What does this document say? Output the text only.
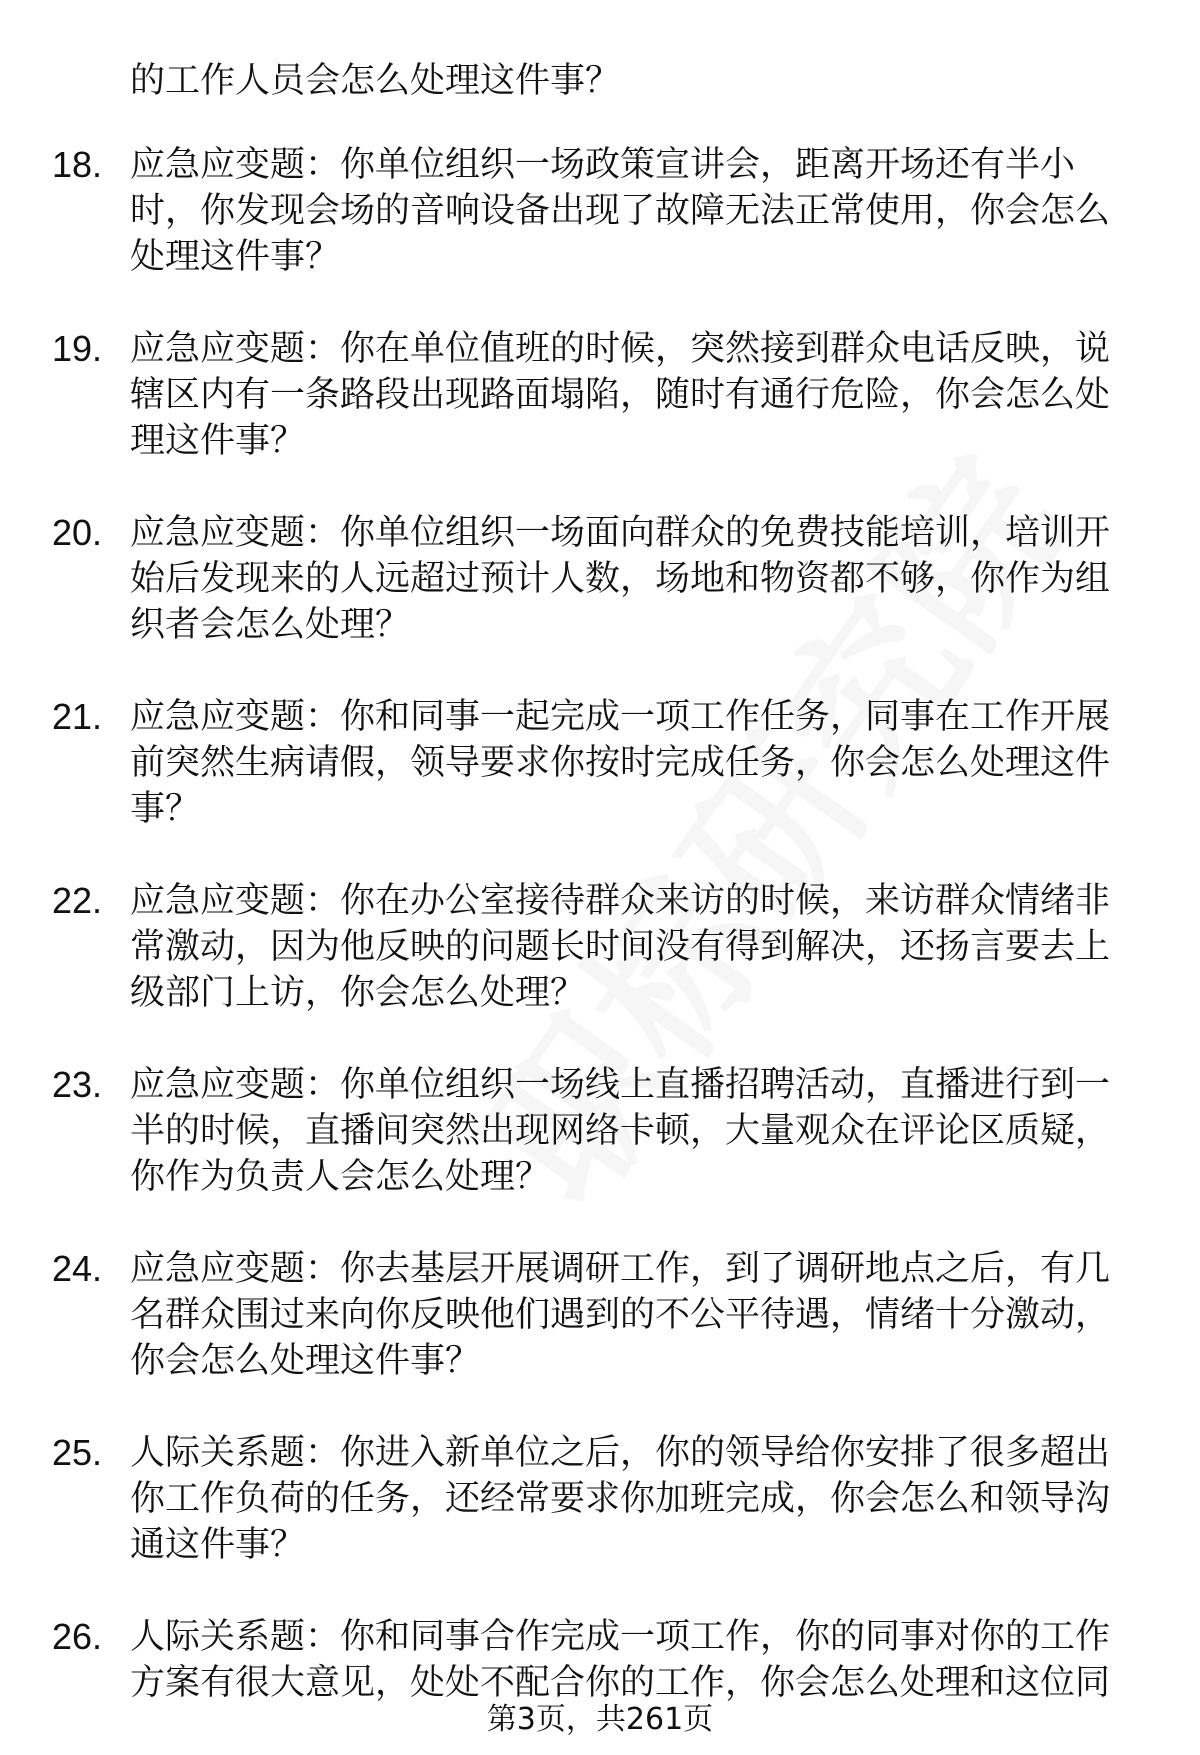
的工作人员会怎么处理这件事？
18. 应急应变题：你单位组织一场政策宣讲会，距离开场还有半小
时，你发现会场的音响设备出现了故障无法正常使用，你会怎么
处理这件事？
19. 应急应变题：你在单位值班的时候，突然接到群众电话反映，说
辖区内有一条路段出现路面塌陷，随时有通行危险，你会怎么处
理这件事？
20. 应急应变题：你单位组织一场面向群众的免费技能培训，培训开
始后发现来的人远超过预计人数，场地和物资都不够，你作为组
织者会怎么处理？
21. 应急应变题：你和同事一起完成一项工作任务，同事在工作开展
前突然生病请假，领导要求你按时完成任务，你会怎么处理这件
事？
22. 应急应变题：你在办公室接待群众来访的时候，来访群众情绪非
常激动，因为他反映的问题长时间没有得到解决，还扬言要去上
级部门上访，你会怎么处理？
23. 应急应变题：你单位组织一场线上直播招聘活动，直播进行到一
半的时候，直播间突然出现网络卡顿，大量观众在评论区质疑，
你作为负责人会怎么处理？
24. 应急应变题：你去基层开展调研工作，到了调研地点之后，有几
名群众围过来向你反映他们遇到的不公平待遇，情绪十分激动，
你会怎么处理这件事？
25. 人际关系题：你进入新单位之后，你的领导给你安排了很多超出
你工作负荷的任务，还经常要求你加班完成，你会怎么和领导沟
通这件事？
26. 人际关系题：你和同事合作完成一项工作，你的同事对你的工作
方案有很大意见，处处不配合你的工作，你会怎么处理和这位同
第3页，共261页
